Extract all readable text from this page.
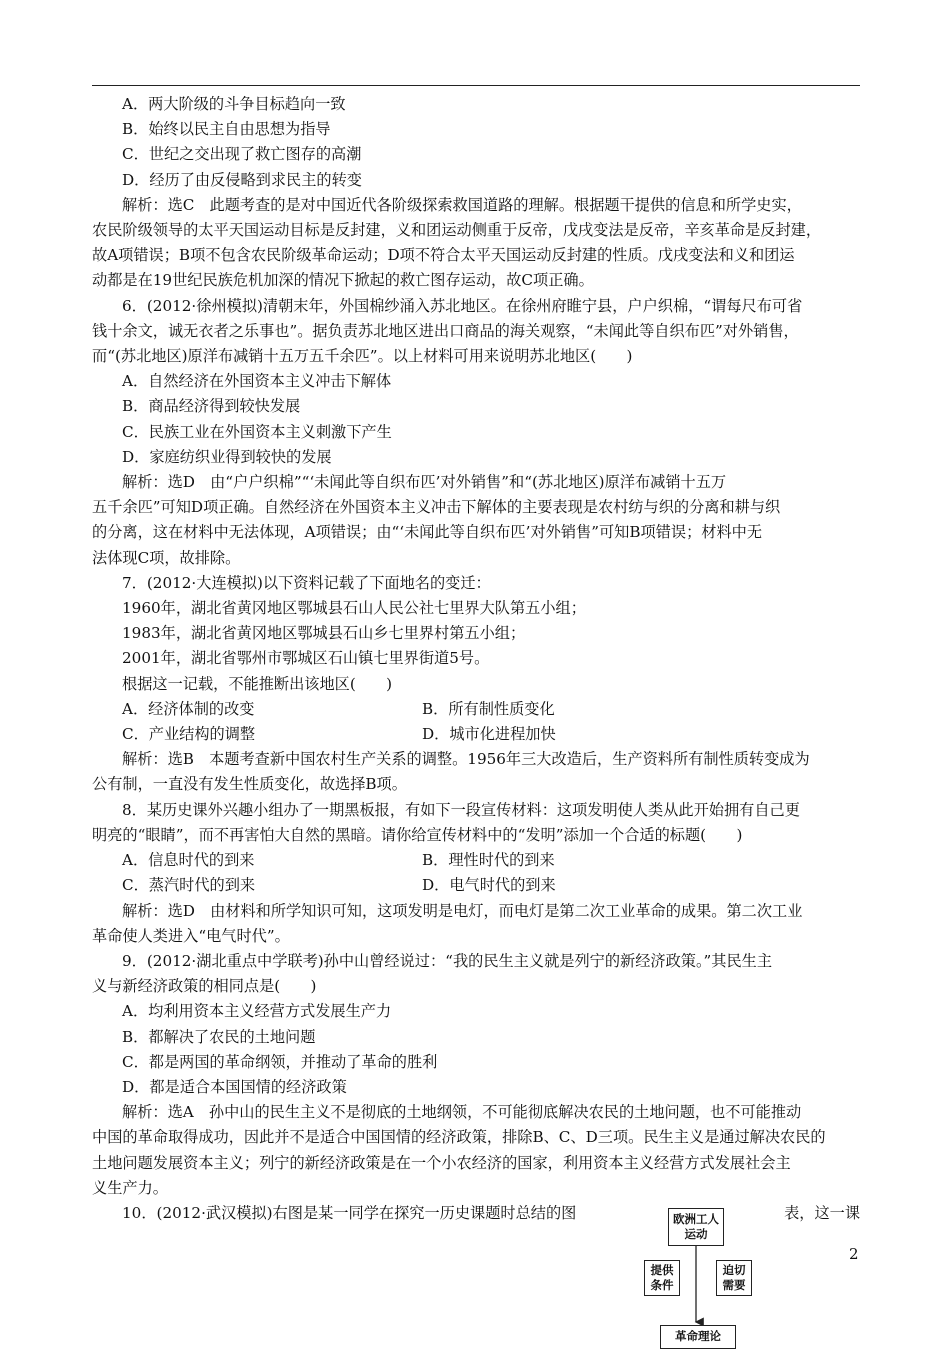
A．两大阶级的斗争目标趋向一致

B．始终以民主自由思想为指导

C．世纪之交出现了救亡图存的高潮

D．经历了由反侵略到求民主的转变

解析：选C　此题考查的是对中国近代各阶级探索救国道路的理解。根据题干提供的信息和所学史实，

农民阶级领导的太平天国运动目标是反封建，义和团运动侧重于反帝，戊戌变法是反帝，辛亥革命是反封建，

故A项错误；B项不包含农民阶级革命运动；D项不符合太平天国运动反封建的性质。戊戌变法和义和团运

动都是在19世纪民族危机加深的情况下掀起的救亡图存运动，故C项正确。

6．(2012·徐州模拟)清朝末年，外国棉纱涌入苏北地区。在徐州府睢宁县，户户织棉，“谓每尺布可省

钱十余文，诚无衣者之乐事也”。据负责苏北地区进出口商品的海关观察，“未闻此等自织布匹”对外销售，

而“(苏北地区)原洋布减销十五万五千余匹”。以上材料可用来说明苏北地区(　　)

A．自然经济在外国资本主义冲击下解体

B．商品经济得到较快发展

C．民族工业在外国资本主义刺激下产生

D．家庭纺织业得到较快的发展

解析：选D　由“户户织棉”“‘未闻此等自织布匹’对外销售”和“(苏北地区)原洋布减销十五万

五千余匹”可知D项正确。自然经济在外国资本主义冲击下解体的主要表现是农村纺与织的分离和耕与织

的分离，这在材料中无法体现，A项错误；由“‘未闻此等自织布匹’对外销售”可知B项错误；材料中无

法体现C项，故排除。

7．(2012·大连模拟)以下资料记载了下面地名的变迁：

1960年，湖北省黄冈地区鄂城县石山人民公社七里界大队第五小组；

1983年，湖北省黄冈地区鄂城县石山乡七里界村第五小组；

2001年，湖北省鄂州市鄂城区石山镇七里界街道5号。

根据这一记载，不能推断出该地区(　　)

A．经济体制的改变	B．所有制性质变化

C．产业结构的调整	D．城市化进程加快

解析：选B　本题考查新中国农村生产关系的调整。1956年三大改造后，生产资料所有制性质转变成为

公有制，一直没有发生性质变化，故选择B项。

8．某历史课外兴趣小组办了一期黑板报，有如下一段宣传材料：这项发明使人类从此开始拥有自己更

明亮的“眼睛”，而不再害怕大自然的黑暗。请你给宣传材料中的“发明”添加一个合适的标题(　　)

A．信息时代的到来	B．理性时代的到来

C．蒸汽时代的到来	D．电气时代的到来

解析：选D　由材料和所学知识可知，这项发明是电灯，而电灯是第二次工业革命的成果。第二次工业

革命使人类进入“电气时代”。

9．(2012·湖北重点中学联考)孙中山曾经说过：“我的民生主义就是列宁的新经济政策。”其民生主

义与新经济政策的相同点是(　　)

A．均利用资本主义经营方式发展生产力

B．都解决了农民的土地问题

C．都是两国的革命纲领，并推动了革命的胜利

D．都是适合本国国情的经济政策

解析：选A　孙中山的民生主义不是彻底的土地纲领，不可能彻底解决农民的土地问题，也不可能推动

中国的革命取得成功，因此并不是适合中国国情的经济政策，排除B、C、D三项。民生主义是通过解决农民的

土地问题发展资本主义；列宁的新经济政策是在一个小农经济的国家，利用资本主义经营方式发展社会主

义生产力。

10．(2012·武汉模拟)右图是某一同学在探究一历史课题时总结的图	表，这一课

2
欧洲工人运动
提供条件
迫切需要
革命理论
